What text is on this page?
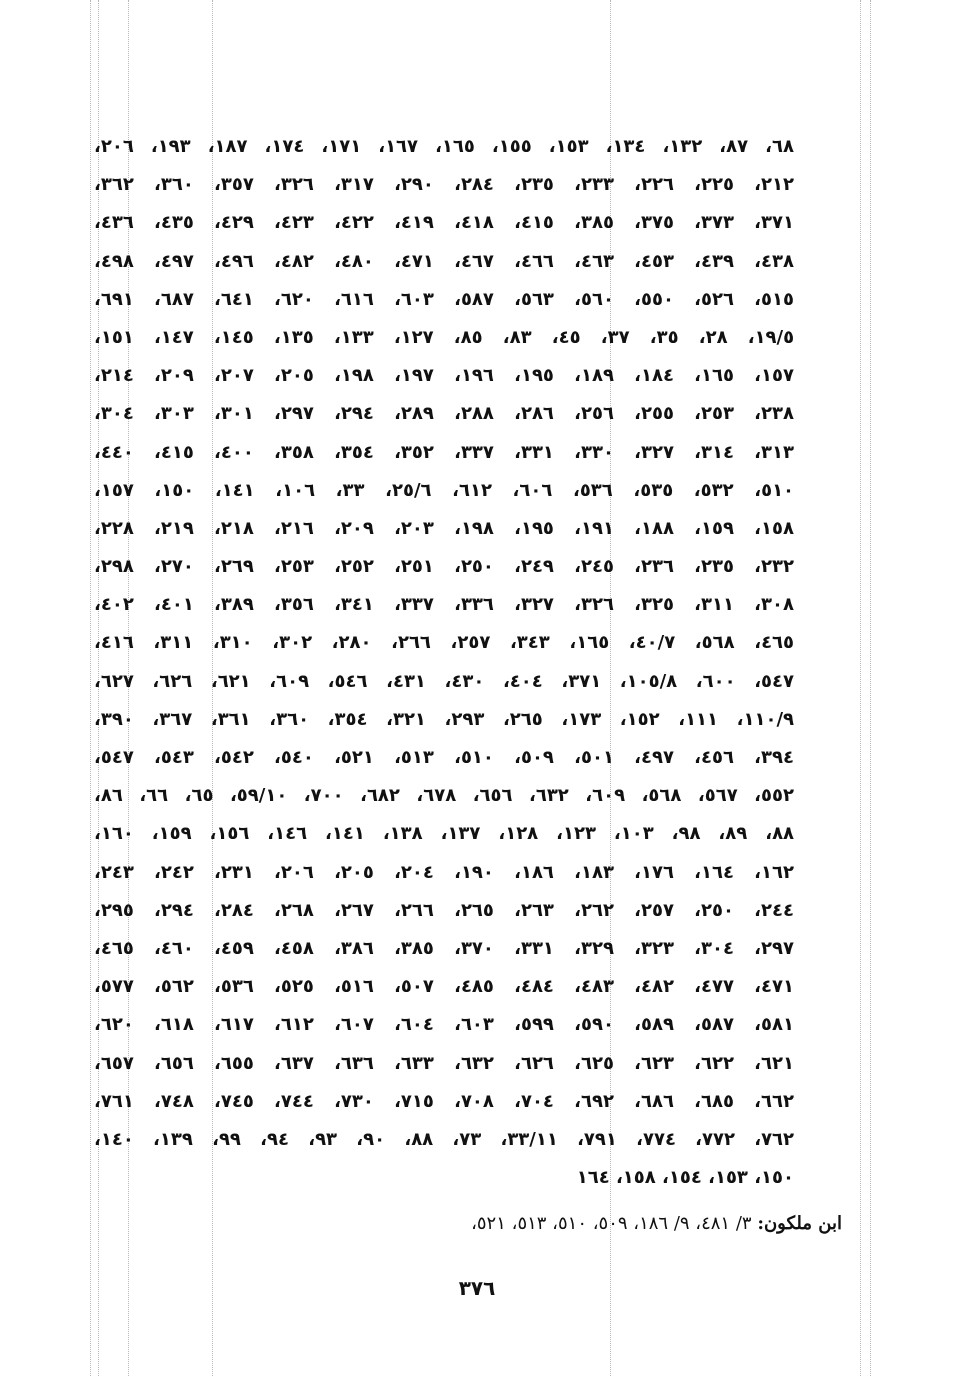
٦٨، ٨٧، ١٣٢، ١٣٤، ١٥٣، ١٥٥، ١٦٥، ١٦٧، ١٧١، ١٧٤، ١٨٧، ١٩٣، ٢٠٦،
٢١٢، ٢٢٥، ٢٢٦، ٢٣٣، ٢٣٥، ٢٨٤، ٢٩٠، ٣١٧، ٣٢٦، ٣٥٧، ٣٦٠، ٣٦٢،
٣٧١، ٣٧٣، ٣٧٥، ٣٨٥، ٤١٥، ٤١٨، ٤١٩، ٤٢٢، ٤٢٣، ٤٢٩، ٤٣٥، ٤٣٦،
٤٣٨، ٤٣٩، ٤٥٣، ٤٦٣، ٤٦٦، ٤٦٧، ٤٧١، ٤٨٠، ٤٨٢، ٤٩٦، ٤٩٧، ٤٩٨،
٥١٥، ٥٢٦، ٥٥٠، ٥٦٠، ٥٦٣، ٥٨٧، ٦٠٣، ٦١٦، ٦٢٠، ٦٤١، ٦٨٧، ٦٩١،
١٩/٥، ٢٨، ٣٥، ٣٧، ٤٥، ٨٣، ٨٥، ١٢٧، ١٣٣، ١٣٥، ١٤٥، ١٤٧، ١٥١،
١٥٧، ١٦٥، ١٨٤، ١٨٩، ١٩٥، ١٩٦، ١٩٧، ١٩٨، ٢٠٥، ٢٠٧، ٢٠٩، ٢١٤،
٢٣٨، ٢٥٣، ٢٥٥، ٢٥٦، ٢٨٦، ٢٨٨، ٢٨٩، ٢٩٤، ٢٩٧، ٣٠١، ٣٠٣، ٣٠٤،
٣١٣، ٣١٤، ٣٢٧، ٣٣٠، ٣٣١، ٣٣٧، ٣٥٢، ٣٥٤، ٣٥٨، ٤٠٠، ٤١٥، ٤٤٠،
٥١٠، ٥٣٢، ٥٣٥، ٥٣٦، ٦٠٦، ٦١٢، ٢٥/٦، ٣٣، ١٠٦، ١٤١، ١٥٠، ١٥٧،
١٥٨، ١٥٩، ١٨٨، ١٩١، ١٩٥، ١٩٨، ٢٠٣، ٢٠٩، ٢١٦، ٢١٨، ٢١٩، ٢٢٨،
٢٣٢، ٢٣٥، ٢٣٦، ٢٤٥، ٢٤٩، ٢٥٠، ٢٥١، ٢٥٢، ٢٥٣، ٢٦٩، ٢٧٠، ٢٩٨،
٣٠٨، ٣١١، ٣٢٥، ٣٢٦، ٣٢٧، ٣٣٦، ٣٣٧، ٣٤١، ٣٥٦، ٣٨٩، ٤٠١، ٤٠٢،
٤٦٥، ٥٦٨، ٤٠/٧، ١٦٥، ٣٤٣، ٢٥٧، ٢٦٦، ٢٨٠، ٣٠٢، ٣١٠، ٣١١، ٤١٦،
٥٤٧، ٦٠٠، ١٠٥/٨، ٣٧١، ٤٠٤، ٤٣٠، ٤٣١، ٥٤٦، ٦٠٩، ٦٢١، ٦٢٦، ٦٢٧،
١١٠/٩، ١١١، ١٥٢، ١٧٣، ٢٦٥، ٢٩٣، ٣٢١، ٣٥٤، ٣٦٠، ٣٦١، ٣٦٧، ٣٩٠،
٣٩٤، ٤٥٦، ٤٩٧، ٥٠١، ٥٠٩، ٥١٠، ٥١٣، ٥٢١، ٥٤٠، ٥٤٢، ٥٤٣، ٥٤٧،
٥٥٢، ٥٦٧، ٥٦٨، ٦٠٩، ٦٣٢، ٦٥٦، ٦٧٨، ٦٨٢، ٧٠٠، ٥٩/١٠، ٦٥، ٦٦، ٨٦،
٨٨، ٨٩، ٩٨، ١٠٣، ١٢٣، ١٢٨، ١٣٧، ١٣٨، ١٤١، ١٤٦، ١٥٦، ١٥٩، ١٦٠،
١٦٢، ١٦٤، ١٧٦، ١٨٣، ١٨٦، ١٩٠، ٢٠٤، ٢٠٥، ٢٠٦، ٢٣١، ٢٤٢، ٢٤٣،
٢٤٤، ٢٥٠، ٢٥٧، ٢٦٢، ٢٦٣، ٢٦٥، ٢٦٦، ٢٦٧، ٢٦٨، ٢٨٤، ٢٩٤، ٢٩٥،
٢٩٧، ٣٠٤، ٣٢٣، ٣٢٩، ٣٣١، ٣٧٠، ٣٨٥، ٣٨٦، ٤٥٨، ٤٥٩، ٤٦٠، ٤٦٥،
٤٧١، ٤٧٧، ٤٨٢، ٤٨٣، ٤٨٤، ٤٨٥، ٥٠٧، ٥١٦، ٥٢٥، ٥٣٦، ٥٦٢، ٥٧٧،
٥٨١، ٥٨٧، ٥٨٩، ٥٩٠، ٥٩٩، ٦٠٣، ٦٠٤، ٦٠٧، ٦١٢، ٦١٧، ٦١٨، ٦٢٠،
٦٢١، ٦٢٢، ٦٢٣، ٦٢٥، ٦٢٦، ٦٣٢، ٦٣٣، ٦٣٦، ٦٣٧، ٦٥٥، ٦٥٦، ٦٥٧،
٦٦٢، ٦٨٥، ٦٨٦، ٦٩٢، ٧٠٤، ٧٠٨، ٧١٥، ٧٣٠، ٧٤٤، ٧٤٥، ٧٤٨، ٧٦١،
٧٦٢، ٧٧٢، ٧٧٤، ٧٩١، ٣٣/١١، ٧٣، ٨٨، ٩٠، ٩٣، ٩٤، ٩٩، ١٣٩، ١٤٠،
١٥٠، ١٥٣، ١٥٤، ١٥٨، ١٦٤
ابن ملكون: ٣/ ٤٨١، ٩/ ١٨٦، ٥٠٩، ٥١٠، ٥١٣، ٥٢١،
٣٧٦
